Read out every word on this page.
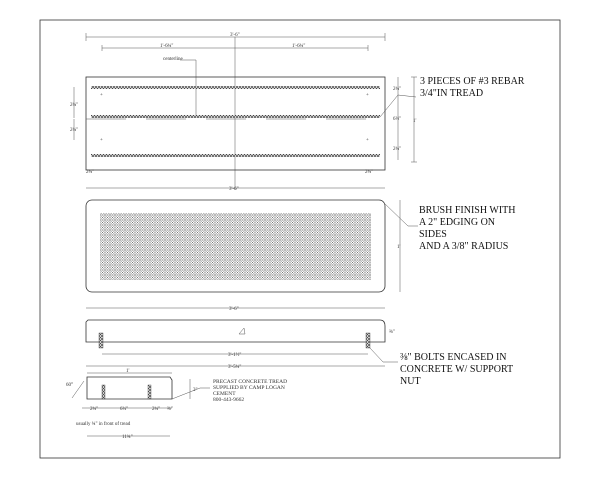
3'-6"
1'-6¾"	1'-6¾"
centerline
+	+
+	+
2¾"
2¾"
2¾"
6½"
2¾"
1'
2¾"	2¾"
3'-6"
3 PIECES OF #3 REBAR
3/4"IN TREAD
1'
BRUSH FINISH WITH
A 2" EDGING ON
SIDES
AND A 3/8" RADIUS
3'-6"
⅜"
3'-1½"
3'-5¾"
⅜" BOLTS ENCASED IN
CONCRETE W/ SUPPORT
NUT
1'
60°
3"
PRECAST CONCRETE TREAD
SUPPLIED BY CAMP LOGAN
CEMENT
800-443-9662
2¾"	6¼"	2¾" ⅜"
usually ¾" in front of tread
11¾"
